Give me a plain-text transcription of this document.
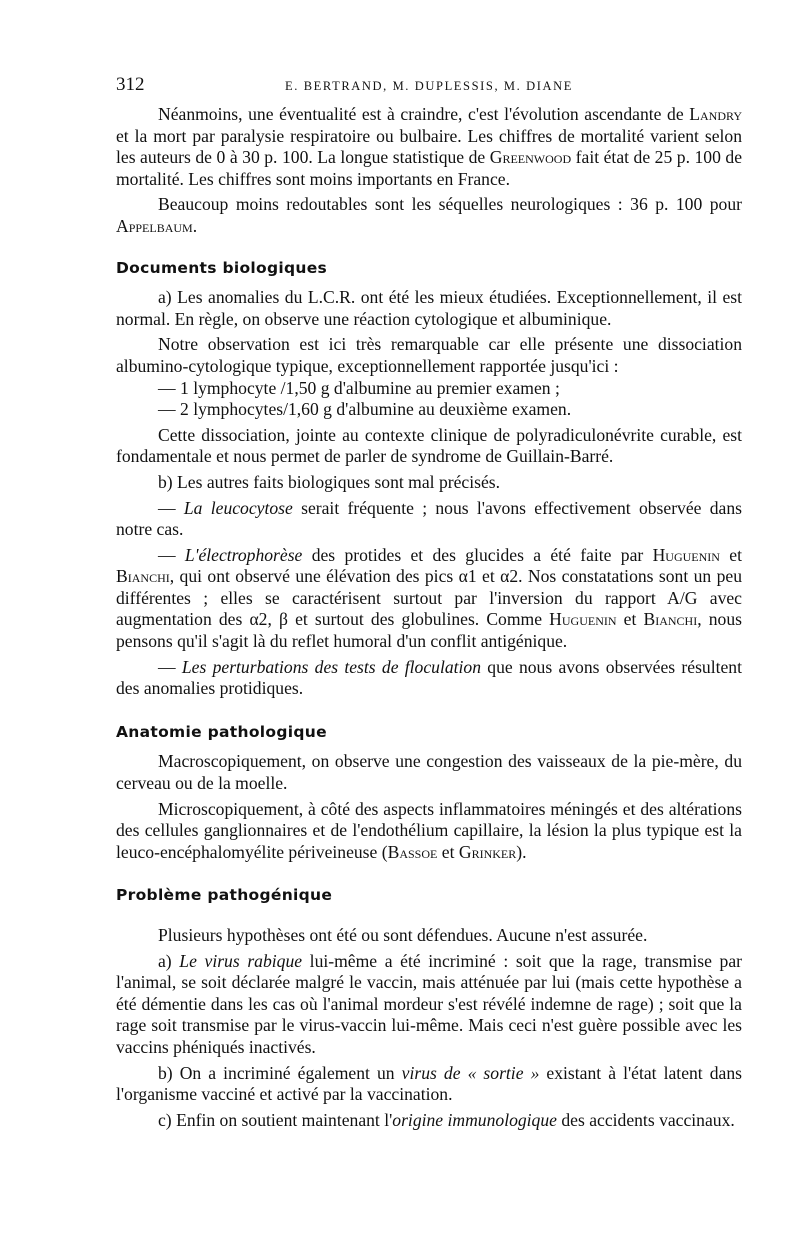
312	E. BERTRAND, M. DUPLESSIS, M. DIANE

Néanmoins, une éventualité est à craindre, c'est l'évolution ascendante de Landry et la mort par paralysie respiratoire ou bulbaire. Les chiffres de mortalité varient selon les auteurs de 0 à 30 p. 100. La longue statistique de Greenwood fait état de 25 p. 100 de mortalité. Les chiffres sont moins importants en France.

Beaucoup moins redoutables sont les séquelles neurologiques : 36 p. 100 pour Appelbaum.

Documents biologiques

a) Les anomalies du L.C.R. ont été les mieux étudiées. Exceptionnellement, il est normal. En règle, on observe une réaction cytologique et albuminique.

Notre observation est ici très remarquable car elle présente une dissociation albumino-cytologique typique, exceptionnellement rapportée jusqu'ici :

— 1 lymphocyte /1,50 g d'albumine au premier examen ;

— 2 lymphocytes/1,60 g d'albumine au deuxième examen.

Cette dissociation, jointe au contexte clinique de polyradiculonévrite curable, est fondamentale et nous permet de parler de syndrome de Guillain-Barré.

b) Les autres faits biologiques sont mal précisés.

— La leucocytose serait fréquente ; nous l'avons effectivement observée dans notre cas.

— L'électrophorèse des protides et des glucides a été faite par Huguenin et Bianchi, qui ont observé une élévation des pics α1 et α2. Nos constatations sont un peu différentes ; elles se caractérisent surtout par l'inversion du rapport A/G avec augmentation des α2, β et surtout des globulines. Comme Huguenin et Bianchi, nous pensons qu'il s'agit là du reflet humoral d'un conflit antigénique.

— Les perturbations des tests de floculation que nous avons observées résultent des anomalies protidiques.

Anatomie pathologique

Macroscopiquement, on observe une congestion des vaisseaux de la pie-mère, du cerveau ou de la moelle.

Microscopiquement, à côté des aspects inflammatoires méningés et des altérations des cellules ganglionnaires et de l'endothélium capillaire, la lésion la plus typique est la leuco-encéphalomyélite périveineuse (Bassoe et Grinker).

Problème pathogénique

Plusieurs hypothèses ont été ou sont défendues. Aucune n'est assurée.

a) Le virus rabique lui-même a été incriminé : soit que la rage, transmise par l'animal, se soit déclarée malgré le vaccin, mais atténuée par lui (mais cette hypothèse a été démentie dans les cas où l'animal mordeur s'est révélé indemne de rage) ; soit que la rage soit transmise par le virus-vaccin lui-même. Mais ceci n'est guère possible avec les vaccins phéniqués inactivés.

b) On a incriminé également un virus de « sortie » existant à l'état latent dans l'organisme vacciné et activé par la vaccination.

c) Enfin on soutient maintenant l'origine immunologique des accidents vaccinaux.
